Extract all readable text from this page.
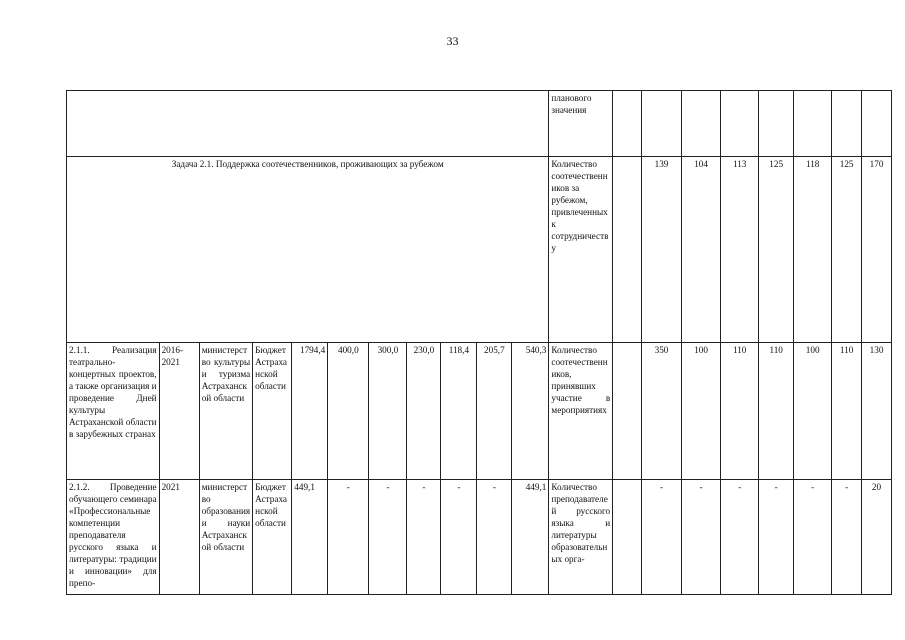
33
											планового значения								
Задача 2.1. Поддержка соотечественников, проживающих за рубежом											Количество соотечественников за рубежом, привлеченных к сотрудничеству		139	104	113	125	118	125	170
2.1.1. Реализация театрально-концертных проектов, а также организация и проведение Дней культуры Астраханской области в зарубежных странах	2016-2021	министерство культуры и туризма Астраханской области	Бюджет Астраханской области	1794,4	400,0	300,0	230,0	118,4	205,7	540,3	Количество соотечественников, принявших участие в мероприятиях		350	100	110	110	100	110	130
2.1.2. Проведение обучающего семинара «Профессиональные компетенции преподавателя русского языка и литературы: традиции и инновации» для препо-	2021	министерство образования и науки Астраханской области	Бюджет Астраханской области	449,1	-	-	-	-	-	449,1	Количество преподавателей русского языка и литературы образовательных орга-		-	-	-	-	-	-	20
